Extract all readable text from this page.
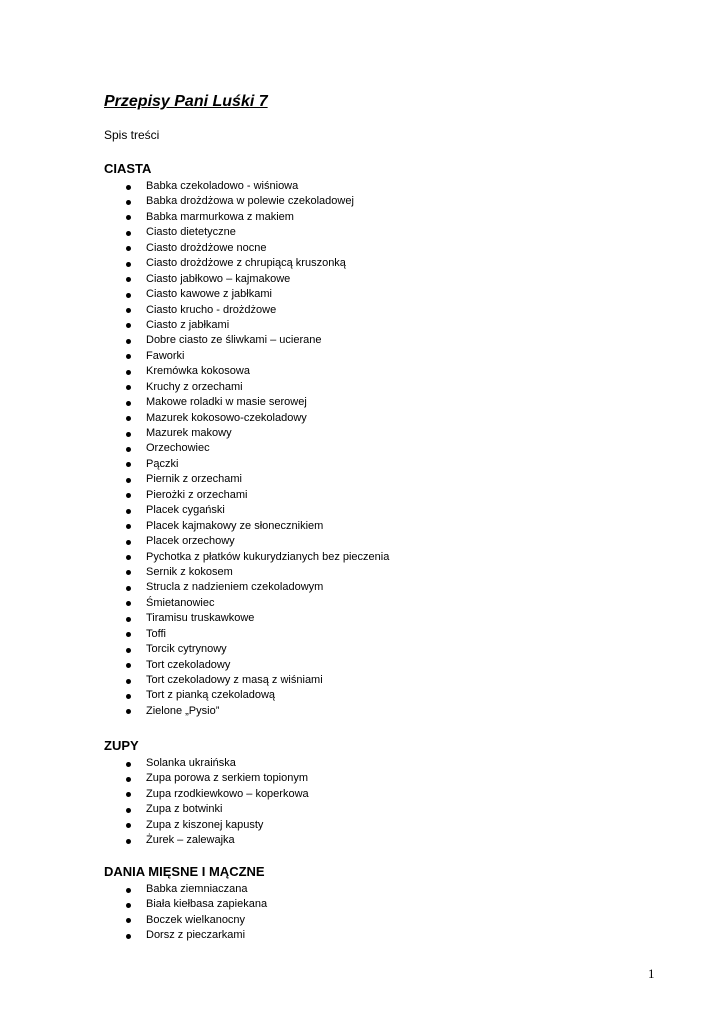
Przepisy Pani Luśki 7

Spis treści

CIASTA
Babka czekoladowo - wiśniowa
Babka drożdżowa w polewie czekoladowej
Babka marmurkowa z makiem
Ciasto dietetyczne
Ciasto drożdżowe nocne
Ciasto drożdżowe z chrupiącą kruszonką
Ciasto jabłkowo – kajmakowe
Ciasto kawowe z jabłkami
Ciasto krucho - drożdżowe
Ciasto z jabłkami
Dobre ciasto ze śliwkami – ucierane
Faworki
Kremówka kokosowa
Kruchy z orzechami
Makowe roladki w masie serowej
Mazurek kokosowo-czekoladowy
Mazurek makowy
Orzechowiec
Pączki
Piernik z orzechami
Pierożki z orzechami
Placek cygański
Placek kajmakowy ze słonecznikiem
Placek orzechowy
Pychotka z płatków kukurydzianych bez pieczenia
Sernik z kokosem
Strucla z nadzieniem czekoladowym
Śmietanowiec
Tiramisu truskawkowe
Toffi
Torcik cytrynowy
Tort czekoladowy
Tort czekoladowy z masą z wiśniami
Tort z pianką czekoladową
Zielone „Pysio”
ZUPY
Solanka ukraińska
Zupa porowa z serkiem topionym
Zupa rzodkiewkowo – koperkowa
Zupa z botwinki
Zupa z kiszonej kapusty
Żurek – zalewajka
DANIA MIĘSNE I MĄCZNE
Babka ziemniaczana
Biała kiełbasa zapiekana
Boczek wielkanocny
Dorsz z pieczarkami
1
